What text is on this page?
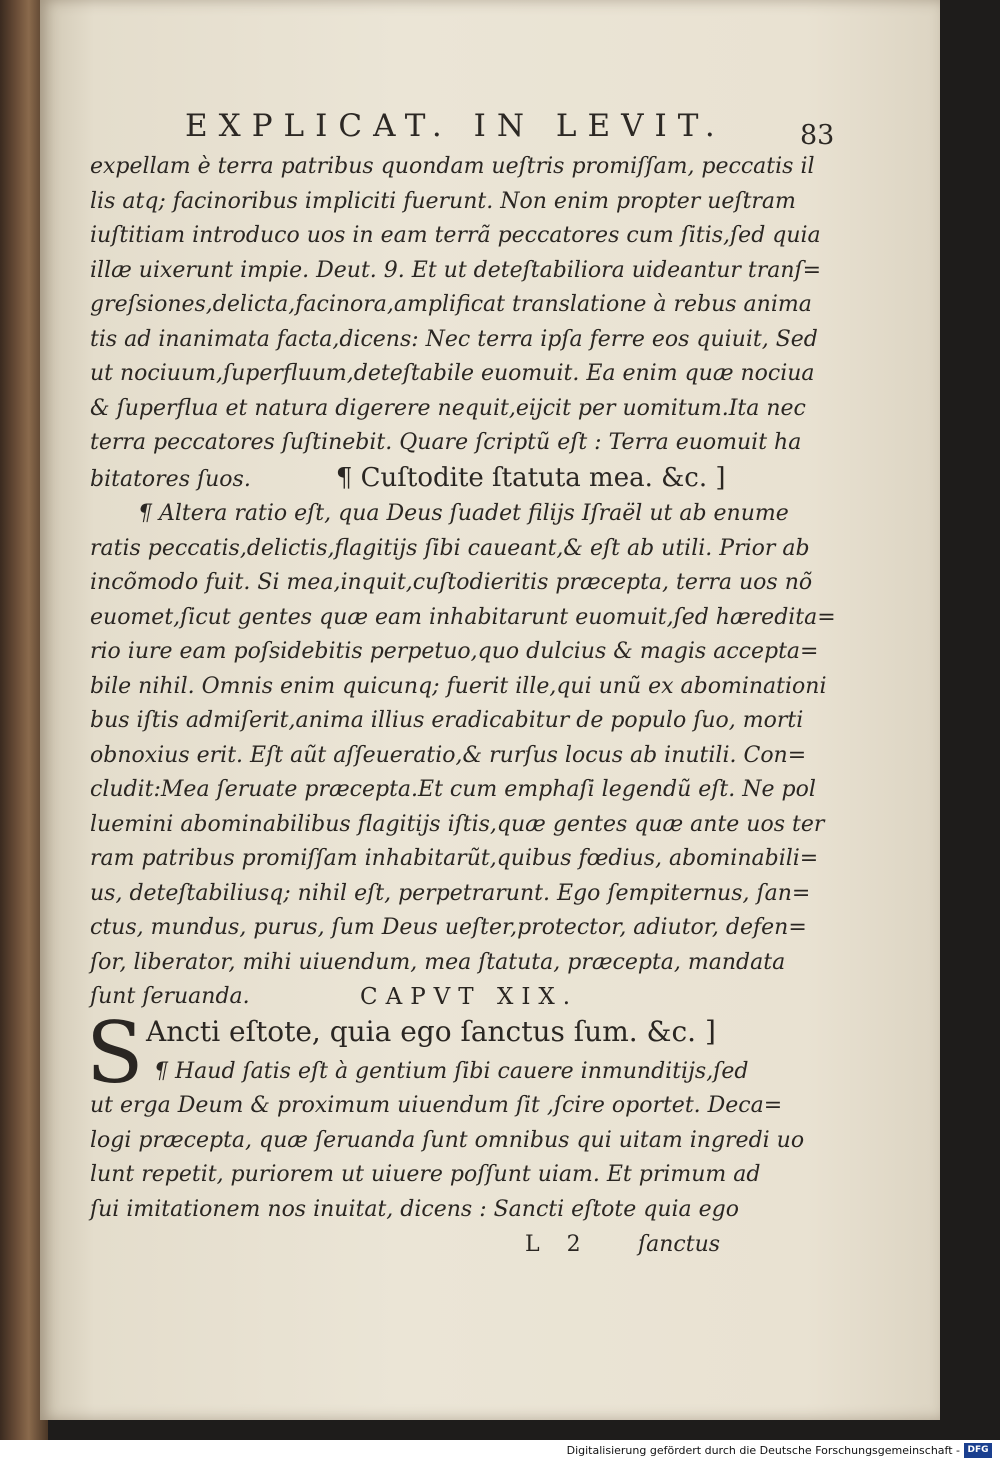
EXPLICAT. IN LEVIT.	83
expellam è terra patribus quondam ueſtris promiſſam, peccatis il
lis atq; facinoribus impliciti fuerunt. Non enim propter ueſtram
iuſtitiam introduco uos in eam terrã peccatores cum ſitis,ſed quia
illæ uixerunt impie. Deut. 9. Et ut deteſtabiliora uideantur tranſ=
greſsiones,delicta,facinora,amplificat translatione à rebus anima
tis ad inanimata facta,dicens: Nec terra ipſa ferre eos quiuit, Sed
ut nociuum,ſuperfluum,deteſtabile euomuit. Ea enim quæ nociua
& ſuperflua et natura digerere nequit,eijcit per uomitum.Ita nec
terra peccatores ſuſtinebit. Quare ſcriptũ eſt : Terra euomuit ha
bitatores ſuos.	¶ Cuſtodite ſtatuta mea. &c. ]
¶ Altera ratio eſt, qua Deus ſuadet filijs Iſraël ut ab enume
ratis peccatis,delictis,flagitijs ſibi caueant,& eſt ab utili. Prior ab
incõmodo fuit. Si mea,inquit,cuſtodieritis præcepta, terra uos nõ
euomet,ſicut gentes quæ eam inhabitarunt euomuit,ſed hæredita=
rio iure eam poſsidebitis perpetuo,quo dulcius & magis accepta=
bile nihil. Omnis enim quicunq; fuerit ille,qui unũ ex abominationi
bus iſtis admiſerit,anima illius eradicabitur de populo ſuo, morti
obnoxius erit. Eſt aũt aſſeueratio,& rurſus locus ab inutili. Con=
cludit:Mea ſeruate præcepta.Et cum emphaſi legendũ eſt. Ne pol
luemini abominabilibus flagitijs iſtis,quæ gentes quæ ante uos ter
ram patribus promiſſam inhabitarũt,quibus fœdius, abominabili=
us, deteſtabiliusq; nihil eſt, perpetrarunt. Ego ſempiternus, ſan=
ctus, mundus, purus, ſum Deus ueſter,protector, adiutor, defen=
ſor, liberator, mihi uiuendum, mea ſtatuta, præcepta, mandata
ſunt ſeruanda.	CAPVT XIX.
S Ancti eſtote, quia ego ſanctus ſum. &c. ]
¶ Haud ſatis eſt à gentium ſibi cauere inmunditijs,ſed
ut erga Deum & proximum uiuendum ſit ,ſcire oportet. Deca=
logi præcepta, quæ ſeruanda ſunt omnibus qui uitam ingredi uo
lunt repetit, puriorem ut uiuere poſſunt uiam. Et primum ad
ſui imitationem nos inuitat, dicens : Sancti eſtote quia ego
L 2 ſanctus
Digitalisierung gefördert durch die Deutsche Forschungsgemeinschaft - DFG
